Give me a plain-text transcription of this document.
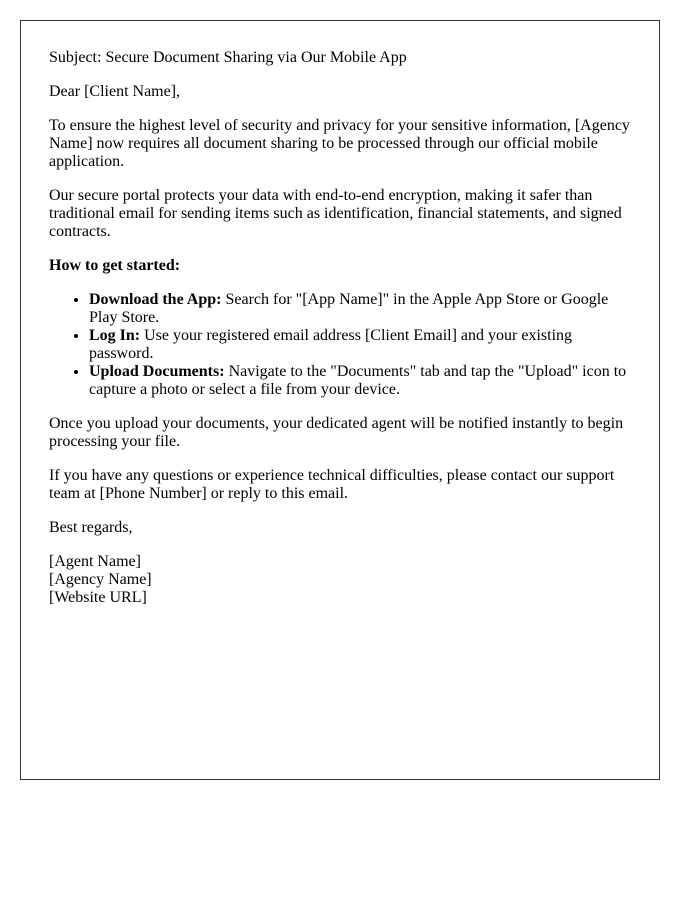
Subject: Secure Document Sharing via Our Mobile App

Dear [Client Name],

To ensure the highest level of security and privacy for your sensitive information, [Agency Name] now requires all document sharing to be processed through our official mobile application.

Our secure portal protects your data with end-to-end encryption, making it safer than traditional email for sending items such as identification, financial statements, and signed contracts.

How to get started:

• Download the App: Search for "[App Name]" in the Apple App Store or Google Play Store.
• Log In: Use your registered email address [Client Email] and your existing password.
• Upload Documents: Navigate to the "Documents" tab and tap the "Upload" icon to capture a photo or select a file from your device.

Once you upload your documents, your dedicated agent will be notified instantly to begin processing your file.

If you have any questions or experience technical difficulties, please contact our support team at [Phone Number] or reply to this email.

Best regards,

[Agent Name]
[Agency Name]
[Website URL]
